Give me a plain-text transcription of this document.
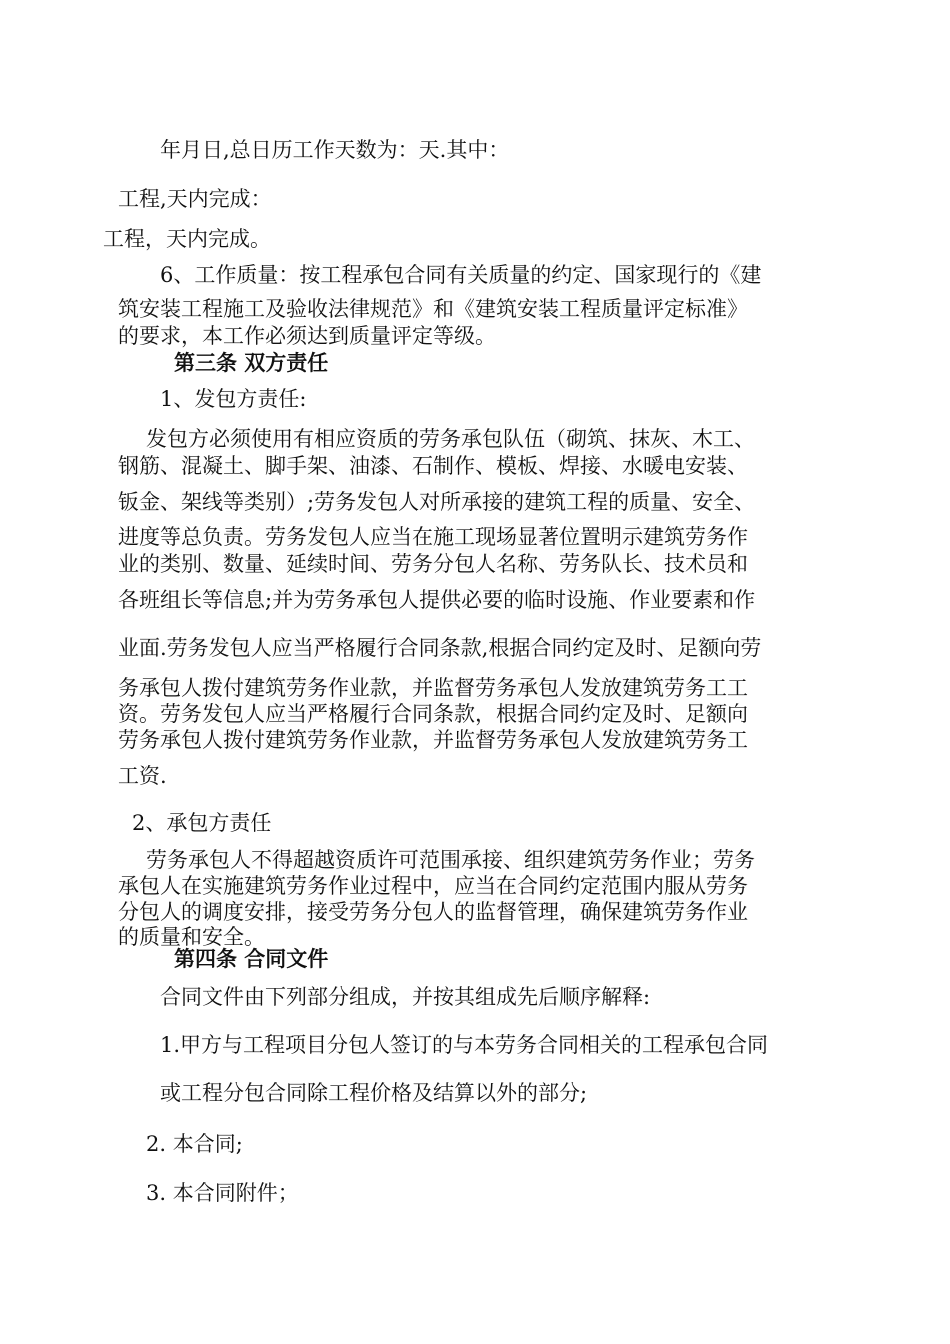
年月日,总日历工作天数为：天.其中：
工程,天内完成：
工程，天内完成。
6、工作质量：按工程承包合同有关质量的约定、国家现行的《建
筑安装工程施工及验收法律规范》和《建筑安装工程质量评定标准》
的要求，本工作必须达到质量评定等级。
第三条 双方责任
1、发包方责任:
发包方必须使用有相应资质的劳务承包队伍（砌筑、抹灰、木工、
钢筋、混凝土、脚手架、油漆、石制作、模板、焊接、水暖电安装、
钣金、架线等类别）;劳务发包人对所承接的建筑工程的质量、安全、
进度等总负责。劳务发包人应当在施工现场显著位置明示建筑劳务作
业的类别、数量、延续时间、劳务分包人名称、劳务队长、技术员和
各班组长等信息;并为劳务承包人提供必要的临时设施、作业要素和作
业面.劳务发包人应当严格履行合同条款,根据合同约定及时、足额向劳
务承包人拨付建筑劳务作业款，并监督劳务承包人发放建筑劳务工工
资。劳务发包人应当严格履行合同条款，根据合同约定及时、足额向
劳务承包人拨付建筑劳务作业款，并监督劳务承包人发放建筑劳务工
工资.
2、承包方责任
劳务承包人不得超越资质许可范围承接、组织建筑劳务作业；劳务
承包人在实施建筑劳务作业过程中，应当在合同约定范围内服从劳务
分包人的调度安排，接受劳务分包人的监督管理，确保建筑劳务作业
的质量和安全。
第四条 合同文件
合同文件由下列部分组成，并按其组成先后顺序解释:
1.甲方与工程项目分包人签订的与本劳务合同相关的工程承包合同
或工程分包合同除工程价格及结算以外的部分;
2. 本合同;
3. 本合同附件；
